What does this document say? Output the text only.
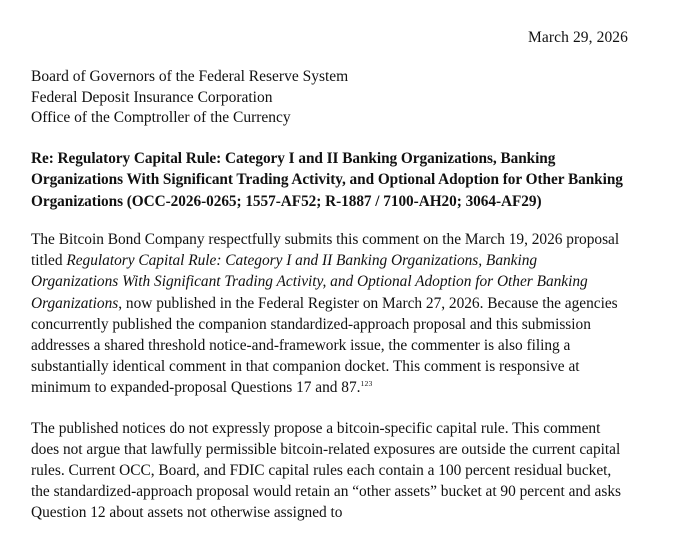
March 29, 2026
Board of Governors of the Federal Reserve System
Federal Deposit Insurance Corporation
Office of the Comptroller of the Currency
Re: Regulatory Capital Rule: Category I and II Banking Organizations, Banking Organizations With Significant Trading Activity, and Optional Adoption for Other Banking Organizations (OCC-2026-0265; 1557-AF52; R-1887 / 7100-AH20; 3064-AF29)
The Bitcoin Bond Company respectfully submits this comment on the March 19, 2026 proposal titled Regulatory Capital Rule: Category I and II Banking Organizations, Banking Organizations With Significant Trading Activity, and Optional Adoption for Other Banking Organizations, now published in the Federal Register on March 27, 2026. Because the agencies concurrently published the companion standardized-approach proposal and this submission addresses a shared threshold notice-and-framework issue, the commenter is also filing a substantially identical comment in that companion docket. This comment is responsive at minimum to expanded-proposal Questions 17 and 87.$^{123}$
The published notices do not expressly propose a bitcoin-specific capital rule. This comment does not argue that lawfully permissible bitcoin-related exposures are outside the current capital rules. Current OCC, Board, and FDIC capital rules each contain a 100 percent residual bucket, the standardized-approach proposal would retain an “other assets” bucket at 90 percent and asks Question 12 about assets not otherwise assigned to
